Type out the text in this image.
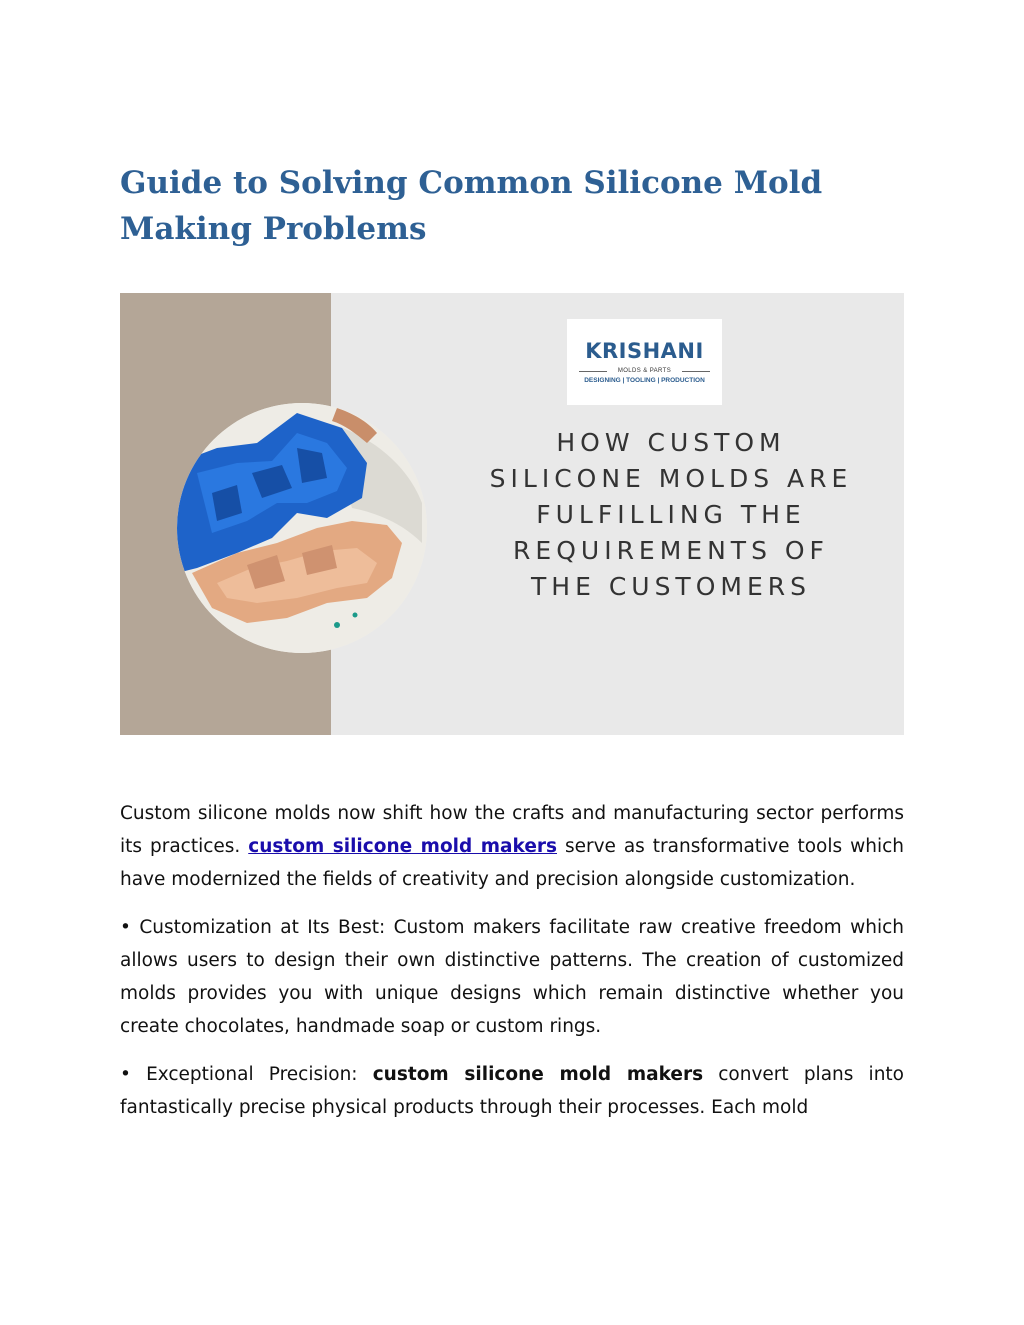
Guide to Solving Common Silicone Mold Making Problems
KRISHANI
MOLDS & PARTS
DESIGNING | TOOLING | PRODUCTION
HOW CUSTOM
SILICONE MOLDS ARE
FULFILLING THE
REQUIREMENTS OF
THE CUSTOMERS

Custom silicone molds now shift how the crafts and manufacturing sector performs its practices. custom silicone mold makers serve as transformative tools which have modernized the fields of creativity and precision alongside customization.

• Customization at Its Best: Custom makers facilitate raw creative freedom which allows users to design their own distinctive patterns. The creation of customized molds provides you with unique designs which remain distinctive whether you create chocolates, handmade soap or custom rings.

• Exceptional Precision: custom silicone mold makers convert plans into fantastically precise physical products through their processes. Each mold
